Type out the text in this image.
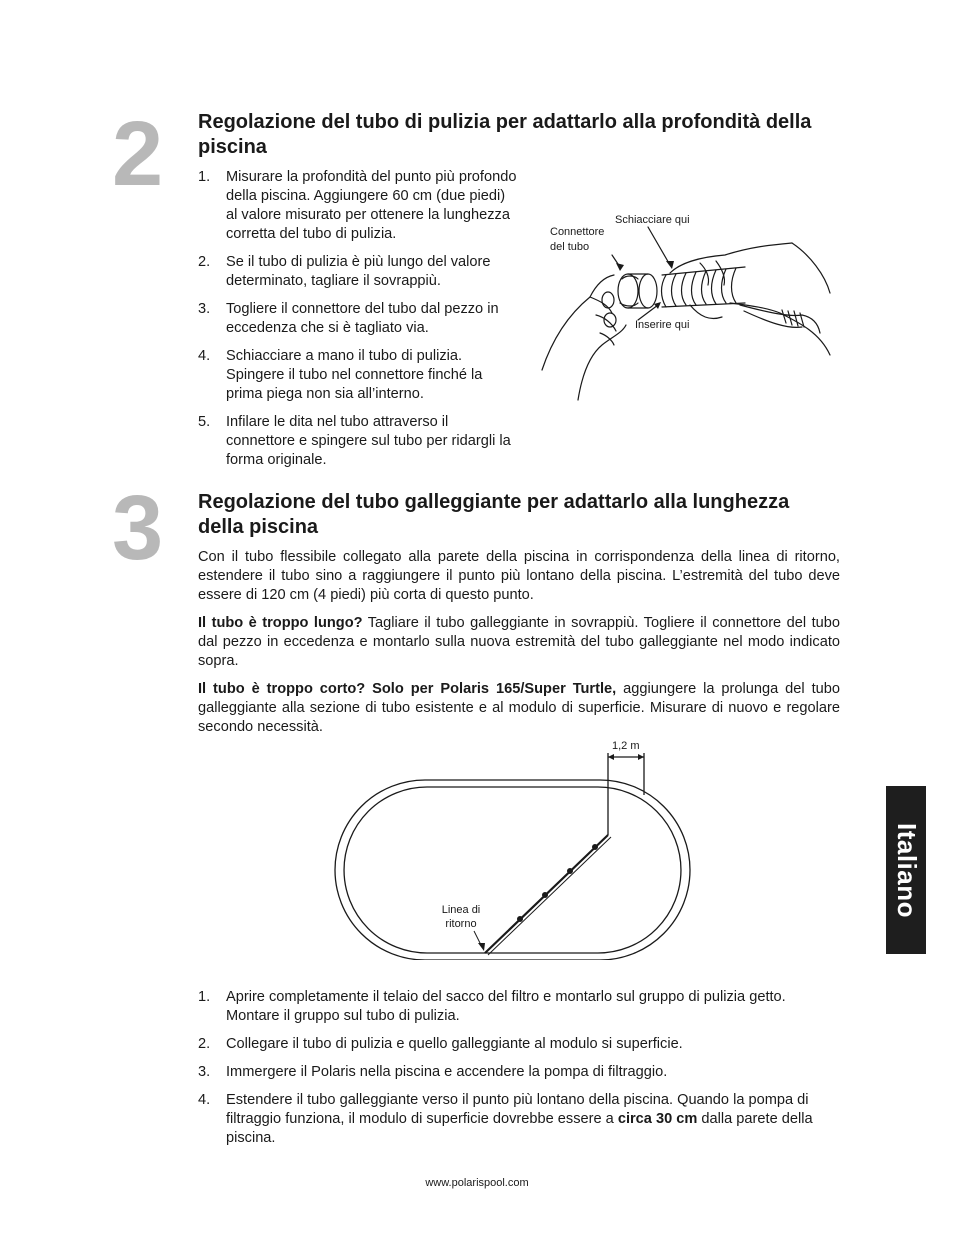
2 Regolazione del tubo di pulizia per adattarlo alla profondità della piscina
1. Misurare la profondità del punto più profondo della piscina. Aggiungere 60 cm (due piedi) al valore misurato per ottenere la lunghezza corretta del tubo di pulizia.
2. Se il tubo di pulizia è più lungo del valore determinato, tagliare il sovrappiù.
3. Togliere il connettore del tubo dal pezzo in eccedenza che si è tagliato via.
4. Schiacciare a mano il tubo di pulizia. Spingere il tubo nel connettore finché la prima piega non sia all’interno.
5. Infilare le dita nel tubo attraverso il connettore e spingere sul tubo per ridargli la forma originale.
Schiacciare qui
Connettore
del tubo
Inserire qui
3 Regolazione del tubo galleggiante per adattarlo alla lunghezza della piscina

Con il tubo flessibile collegato alla parete della piscina in corrispondenza della linea di ritorno, estendere il tubo sino a raggiungere il punto più lontano della piscina. L’estremità del tubo deve essere di 120 cm (4 piedi) più corta di questo punto.

Il tubo è troppo lungo? Tagliare il tubo galleggiante in sovrappiù. Togliere il connettore del tubo dal pezzo in eccedenza e montarlo sulla nuova estremità del tubo galleggiante nel modo indicato sopra.

Il tubo è troppo corto? Solo per Polaris 165/Super Turtle, aggiungere la prolunga del tubo galleggiante alla sezione di tubo esistente e al modulo di superficie. Misurare di nuovo e regolare secondo necessità.

1,2 m
Linea di
ritorno
1. Aprire completamente il telaio del sacco del filtro e montarlo sul gruppo di pulizia getto. Montare il gruppo sul tubo di pulizia.
2. Collegare il tubo di pulizia e quello galleggiante al modulo si superficie.
3. Immergere il Polaris nella piscina e accendere la pompa di filtraggio.
4. Estendere il tubo galleggiante verso il punto più lontano della piscina. Quando la pompa di filtraggio funziona, il modulo di superficie dovrebbe essere a circa 30 cm dalla parete della piscina.
Italiano
www.polarispool.com
